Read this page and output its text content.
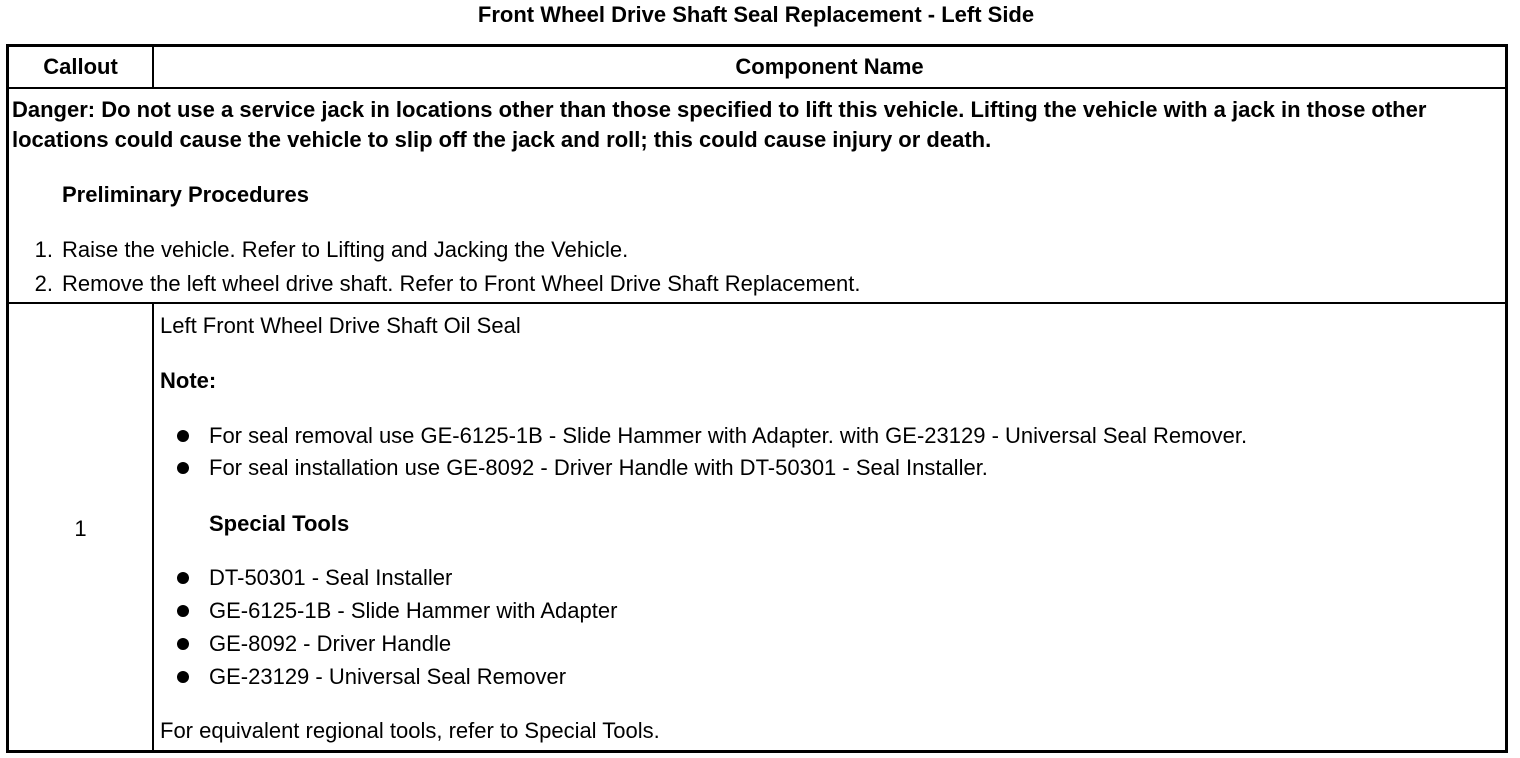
Front Wheel Drive Shaft Seal Replacement - Left Side
Callout	Component Name
Danger: Do not use a service jack in locations other than those specified to lift this vehicle. Lifting the vehicle with a jack in those other locations could cause the vehicle to slip off the jack and roll; this could cause injury or death.
Preliminary Procedures
1. Raise the vehicle. Refer to Lifting and Jacking the Vehicle.
2. Remove the left wheel drive shaft. Refer to Front Wheel Drive Shaft Replacement.
1
Left Front Wheel Drive Shaft Oil Seal
Note:
For seal removal use GE-6125-1B - Slide Hammer with Adapter. with GE-23129 - Universal Seal Remover.
For seal installation use GE-8092 - Driver Handle with DT-50301 - Seal Installer.
Special Tools
DT-50301 - Seal Installer
GE-6125-1B - Slide Hammer with Adapter
GE-8092 - Driver Handle
GE-23129 - Universal Seal Remover
For equivalent regional tools, refer to Special Tools.
